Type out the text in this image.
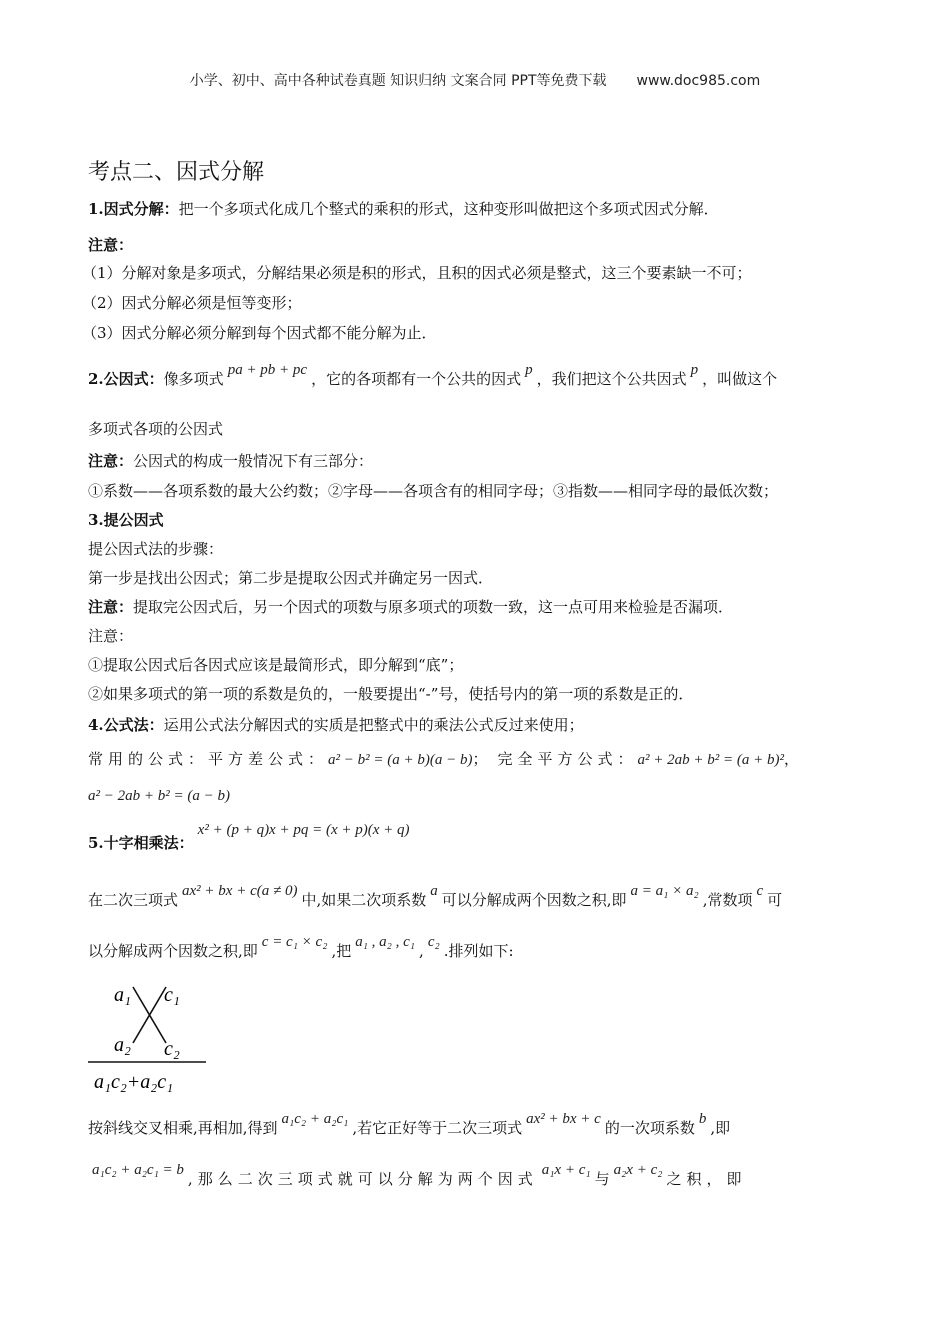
小学、初中、高中各种试卷真题 知识归纳 文案合同 PPT等免费下载 www.doc985.com
考点二、因式分解
1.因式分解：把一个多项式化成几个整式的乘积的形式，这种变形叫做把这个多项式因式分解．
注意：
（1）分解对象是多项式，分解结果必须是积的形式，且积的因式必须是整式，这三个要素缺一不可；
（2）因式分解必须是恒等变形；
（3）因式分解必须分解到每个因式都不能分解为止．
2.公因式：像多项式 pa + pb + pc ，它的各项都有一个公共的因式 p ，我们把这个公共因式 p ，叫做这个
多项式各项的公因式
注意：公因式的构成一般情况下有三部分：
①系数——各项系数的最大公约数；②字母——各项含有的相同字母；③指数——相同字母的最低次数；
3.提公因式
提公因式法的步骤：
第一步是找出公因式；第二步是提取公因式并确定另一因式．
注意：提取完公因式后，另一个因式的项数与原多项式的项数一致，这一点可用来检验是否漏项．
注意：
①提取公因式后各因式应该是最简形式，即分解到“底”；
②如果多项式的第一项的系数是负的，一般要提出“-”号，使括号内的第一项的系数是正的．
4.公式法：运用公式法分解因式的实质是把整式中的乘法公式反过来使用；
常用的公式：平方差公式：a² − b² = (a + b)(a − b)； 完全平方公式：a² + 2ab + b² = (a + b)²，
a² − 2ab + b² = (a − b)
5.十字相乘法：x² + (p + q)x + pq = (x + p)(x + q)
在二次三项式 ax² + bx + c(a ≠ 0) 中,如果二次项系数 a 可以分解成两个因数之积,即 a = a₁ × a₂ ,常数项 c 可
以分解成两个因数之积,即 c = c₁ × c₂ ,把 a₁ , a₂ , c₁ , c₂ .排列如下:
a₁ c₁
a₂ c₂
a₁c₂+a₂c₁
按斜线交叉相乘,再相加,得到 a₁c₂ + a₂c₁ ,若它正好等于二次三项式 ax² + bx + c 的一次项系数 b ,即
a₁c₂ + a₂c₁ = b ,那么二次三项式就可以分解为两个因式 a₁x + c₁ 与 a₂x + c₂ 之积，即
